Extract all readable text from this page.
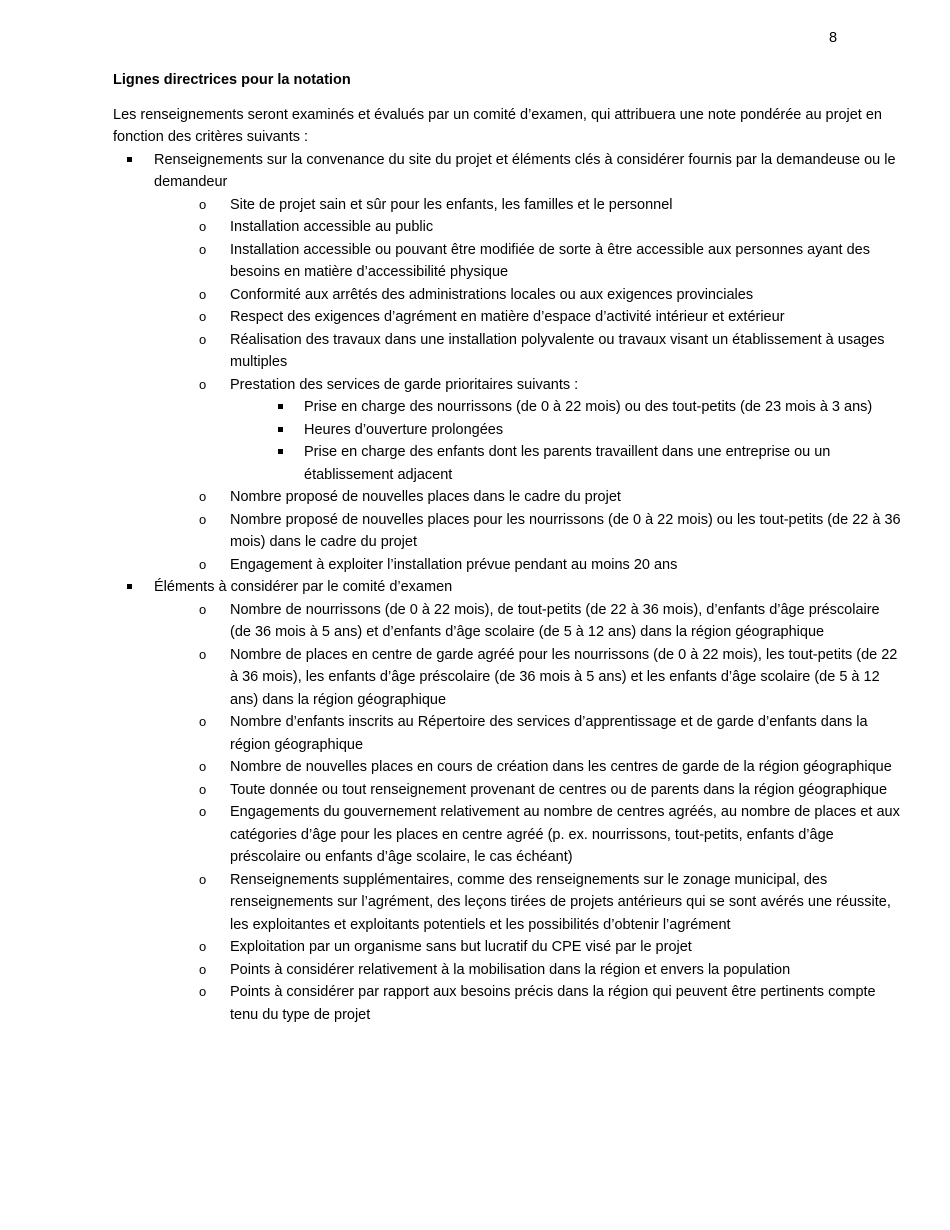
8

Lignes directrices pour la notation

Les renseignements seront examinés et évalués par un comité d’examen, qui attribuera une note pondérée au projet en fonction des critères suivants :

Renseignements sur la convenance du site du projet et éléments clés à considérer fournis par la demandeuse ou le demandeur
o Site de projet sain et sûr pour les enfants, les familles et le personnel
o Installation accessible au public
o Installation accessible ou pouvant être modifiée de sorte à être accessible aux personnes ayant des besoins en matière d’accessibilité physique
o Conformité aux arrêtés des administrations locales ou aux exigences provinciales
o Respect des exigences d’agrément en matière d’espace d’activité intérieur et extérieur
o Réalisation des travaux dans une installation polyvalente ou travaux visant un établissement à usages multiples
o Prestation des services de garde prioritaires suivants :
Prise en charge des nourrissons (de 0 à 22 mois) ou des tout-petits (de 23 mois à 3 ans)
Heures d’ouverture prolongées
Prise en charge des enfants dont les parents travaillent dans une entreprise ou un établissement adjacent
o Nombre proposé de nouvelles places dans le cadre du projet
o Nombre proposé de nouvelles places pour les nourrissons (de 0 à 22 mois) ou les tout-petits (de 22 à 36 mois) dans le cadre du projet
o Engagement à exploiter l’installation prévue pendant au moins 20 ans
Éléments à considérer par le comité d’examen
o Nombre de nourrissons (de 0 à 22 mois), de tout-petits (de 22 à 36 mois), d’enfants d’âge préscolaire (de 36 mois à 5 ans) et d’enfants d’âge scolaire (de 5 à 12 ans) dans la région géographique
o Nombre de places en centre de garde agréé pour les nourrissons (de 0 à 22 mois), les tout-petits (de 22 à 36 mois), les enfants d’âge préscolaire (de 36 mois à 5 ans) et les enfants d’âge scolaire (de 5 à 12 ans) dans la région géographique
o Nombre d’enfants inscrits au Répertoire des services d’apprentissage et de garde d’enfants dans la région géographique
o Nombre de nouvelles places en cours de création dans les centres de garde de la région géographique
o Toute donnée ou tout renseignement provenant de centres ou de parents dans la région géographique
o Engagements du gouvernement relativement au nombre de centres agréés, au nombre de places et aux catégories d’âge pour les places en centre agréé (p. ex. nourrissons, tout-petits, enfants d’âge préscolaire ou enfants d’âge scolaire, le cas échéant)
o Renseignements supplémentaires, comme des renseignements sur le zonage municipal, des renseignements sur l’agrément, des leçons tirées de projets antérieurs qui se sont avérés une réussite, les exploitantes et exploitants potentiels et les possibilités d’obtenir l’agrément
o Exploitation par un organisme sans but lucratif du CPE visé par le projet
o Points à considérer relativement à la mobilisation dans la région et envers la population
o Points à considérer par rapport aux besoins précis dans la région qui peuvent être pertinents compte tenu du type de projet
